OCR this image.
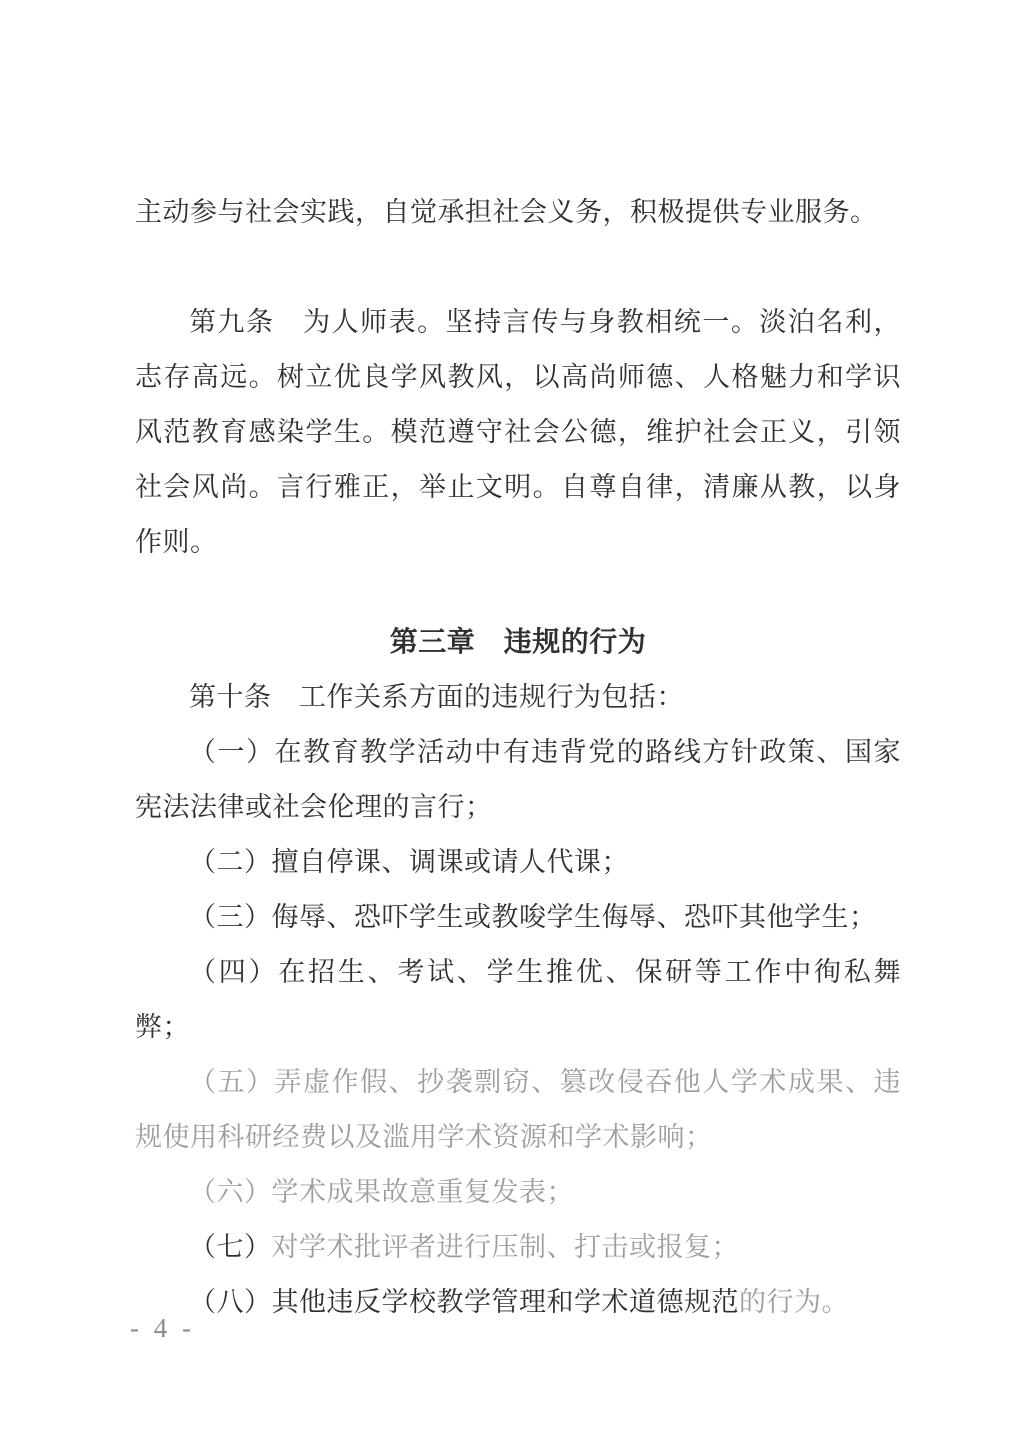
主动参与社会实践，自觉承担社会义务，积极提供专业服务。

第九条　为人师表。坚持言传与身教相统一。淡泊名利，志存高远。树立优良学风教风，以高尚师德、人格魅力和学识风范教育感染学生。模范遵守社会公德，维护社会正义，引领社会风尚。言行雅正，举止文明。自尊自律，清廉从教，以身作则。

第三章　违规的行为

第十条　工作关系方面的违规行为包括：

（一）在教育教学活动中有违背党的路线方针政策、国家宪法法律或社会伦理的言行；

（二）擅自停课、调课或请人代课；

（三）侮辱、恐吓学生或教唆学生侮辱、恐吓其他学生；

（四）在招生、考试、学生推优、保研等工作中徇私舞弊；

（五）弄虚作假、抄袭剽窃、篡改侵吞他人学术成果、违规使用科研经费以及滥用学术资源和学术影响；

（六）学术成果故意重复发表；

（七）对学术批评者进行压制、打击或报复；

（八）其他违反学校教学管理和学术道德规范的行为。

- 4 -
